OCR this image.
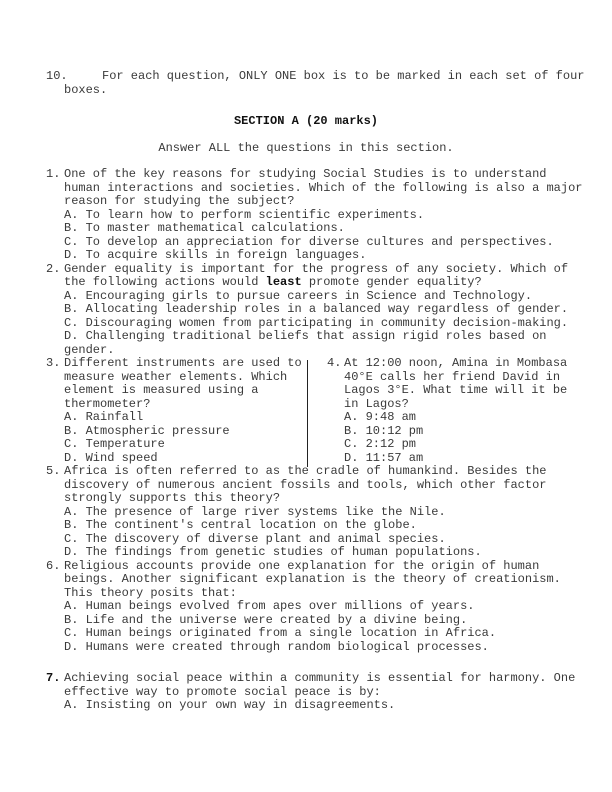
10.	For each question, ONLY ONE box is to be marked in each set of four
boxes.
SECTION A (20 marks)
Answer ALL the questions in this section.
1. One of the key reasons for studying Social Studies is to understand
human interactions and societies. Which of the following is also a major
reason for studying the subject?
A. To learn how to perform scientific experiments.
B. To master mathematical calculations.
C. To develop an appreciation for diverse cultures and perspectives.
D. To acquire skills in foreign languages.
2. Gender equality is important for the progress of any society. Which of
the following actions would least promote gender equality?
A. Encouraging girls to pursue careers in Science and Technology.
B. Allocating leadership roles in a balanced way regardless of gender.
C. Discouraging women from participating in community decision-making.
D. Challenging traditional beliefs that assign rigid roles based on
gender.
3. Different instruments are used to
measure weather elements. Which
element is measured using a
thermometer?
A. Rainfall
B. Atmospheric pressure
C. Temperature
D. Wind speed
4. At 12:00 noon, Amina in Mombasa
40°E calls her friend David in
Lagos 3°E. What time will it be
in Lagos?
A. 9:48 am
B. 10:12 pm
C. 2:12 pm
D. 11:57 am
5. Africa is often referred to as the cradle of humankind. Besides the
discovery of numerous ancient fossils and tools, which other factor
strongly supports this theory?
A. The presence of large river systems like the Nile.
B. The continent's central location on the globe.
C. The discovery of diverse plant and animal species.
D. The findings from genetic studies of human populations.
6. Religious accounts provide one explanation for the origin of human
beings. Another significant explanation is the theory of creationism.
This theory posits that:
A. Human beings evolved from apes over millions of years.
B. Life and the universe were created by a divine being.
C. Human beings originated from a single location in Africa.
D. Humans were created through random biological processes.
7. Achieving social peace within a community is essential for harmony. One
effective way to promote social peace is by:
A. Insisting on your own way in disagreements.
